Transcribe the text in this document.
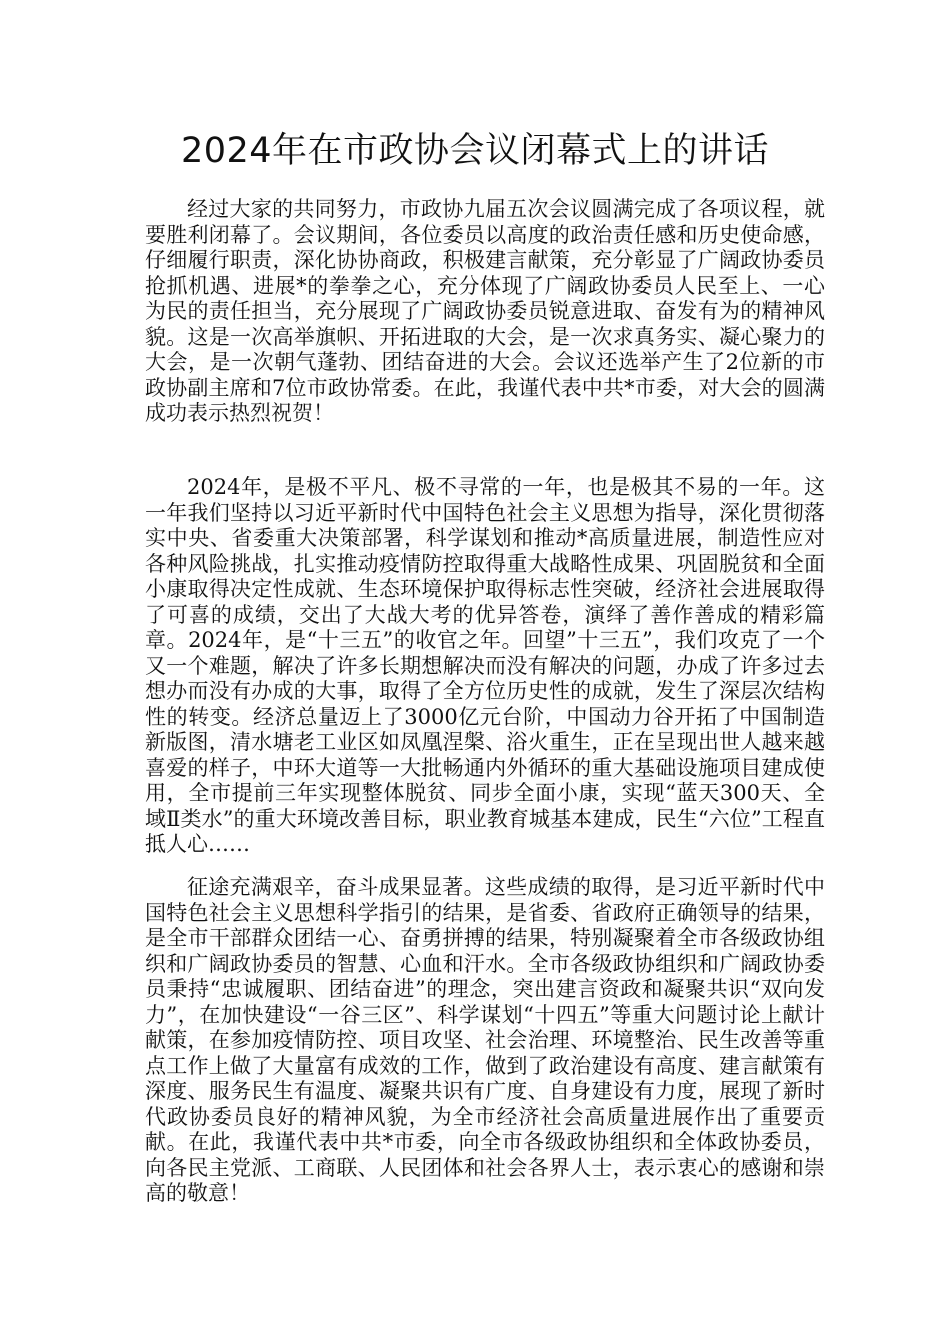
2024年在市政协会议闭幕式上的讲话

经过大家的共同努力，市政协九届五次会议圆满完成了各项议程，就要胜利闭幕了。会议期间，各位委员以高度的政治责任感和历史使命感，仔细履行职责，深化协协商政，积极建言献策，充分彰显了广阔政协委员抢抓机遇、进展*的拳拳之心，充分体现了广阔政协委员人民至上、一心为民的责任担当，充分展现了广阔政协委员锐意进取、奋发有为的精神风貌。这是一次高举旗帜、开拓进取的大会，是一次求真务实、凝心聚力的大会，是一次朝气蓬勃、团结奋进的大会。会议还选举产生了2位新的市政协副主席和7位市政协常委。在此，我谨代表中共*市委，对大会的圆满成功表示热烈祝贺！

2024年，是极不平凡、极不寻常的一年，也是极其不易的一年。这一年我们坚持以习近平新时代中国特色社会主义思想为指导，深化贯彻落实中央、省委重大决策部署，科学谋划和推动*高质量进展，制造性应对各种风险挑战，扎实推动疫情防控取得重大战略性成果、巩固脱贫和全面小康取得决定性成就、生态环境保护取得标志性突破，经济社会进展取得了可喜的成绩，交出了大战大考的优异答卷，演绎了善作善成的精彩篇章。2024年，是“十三五”的收官之年。回望”十三五”，我们攻克了一个又一个难题，解决了许多长期想解决而没有解决的问题，办成了许多过去想办而没有办成的大事，取得了全方位历史性的成就，发生了深层次结构性的转变。经济总量迈上了3000亿元台阶，中国动力谷开拓了中国制造新版图，清水塘老工业区如凤凰涅槃、浴火重生，正在呈现出世人越来越喜爱的样子，中环大道等一大批畅通内外循环的重大基础设施项目建成使用，全市提前三年实现整体脱贫、同步全面小康，实现“蓝天300天、全域Ⅱ类水”的重大环境改善目标，职业教育城基本建成，民生“六位”工程直抵人心……

征途充满艰辛，奋斗成果显著。这些成绩的取得，是习近平新时代中国特色社会主义思想科学指引的结果，是省委、省政府正确领导的结果，是全市干部群众团结一心、奋勇拼搏的结果，特别凝聚着全市各级政协组织和广阔政协委员的智慧、心血和汗水。全市各级政协组织和广阔政协委员秉持“忠诚履职、团结奋进”的理念，突出建言资政和凝聚共识“双向发力”，在加快建设“一谷三区”、科学谋划“十四五”等重大问题讨论上献计献策，在参加疫情防控、项目攻坚、社会治理、环境整治、民生改善等重点工作上做了大量富有成效的工作，做到了政治建设有高度、建言献策有深度、服务民生有温度、凝聚共识有广度、自身建设有力度，展现了新时代政协委员良好的精神风貌，为全市经济社会高质量进展作出了重要贡献。在此，我谨代表中共*市委，向全市各级政协组织和全体政协委员，向各民主党派、工商联、人民团体和社会各界人士，表示衷心的感谢和崇高的敬意！
